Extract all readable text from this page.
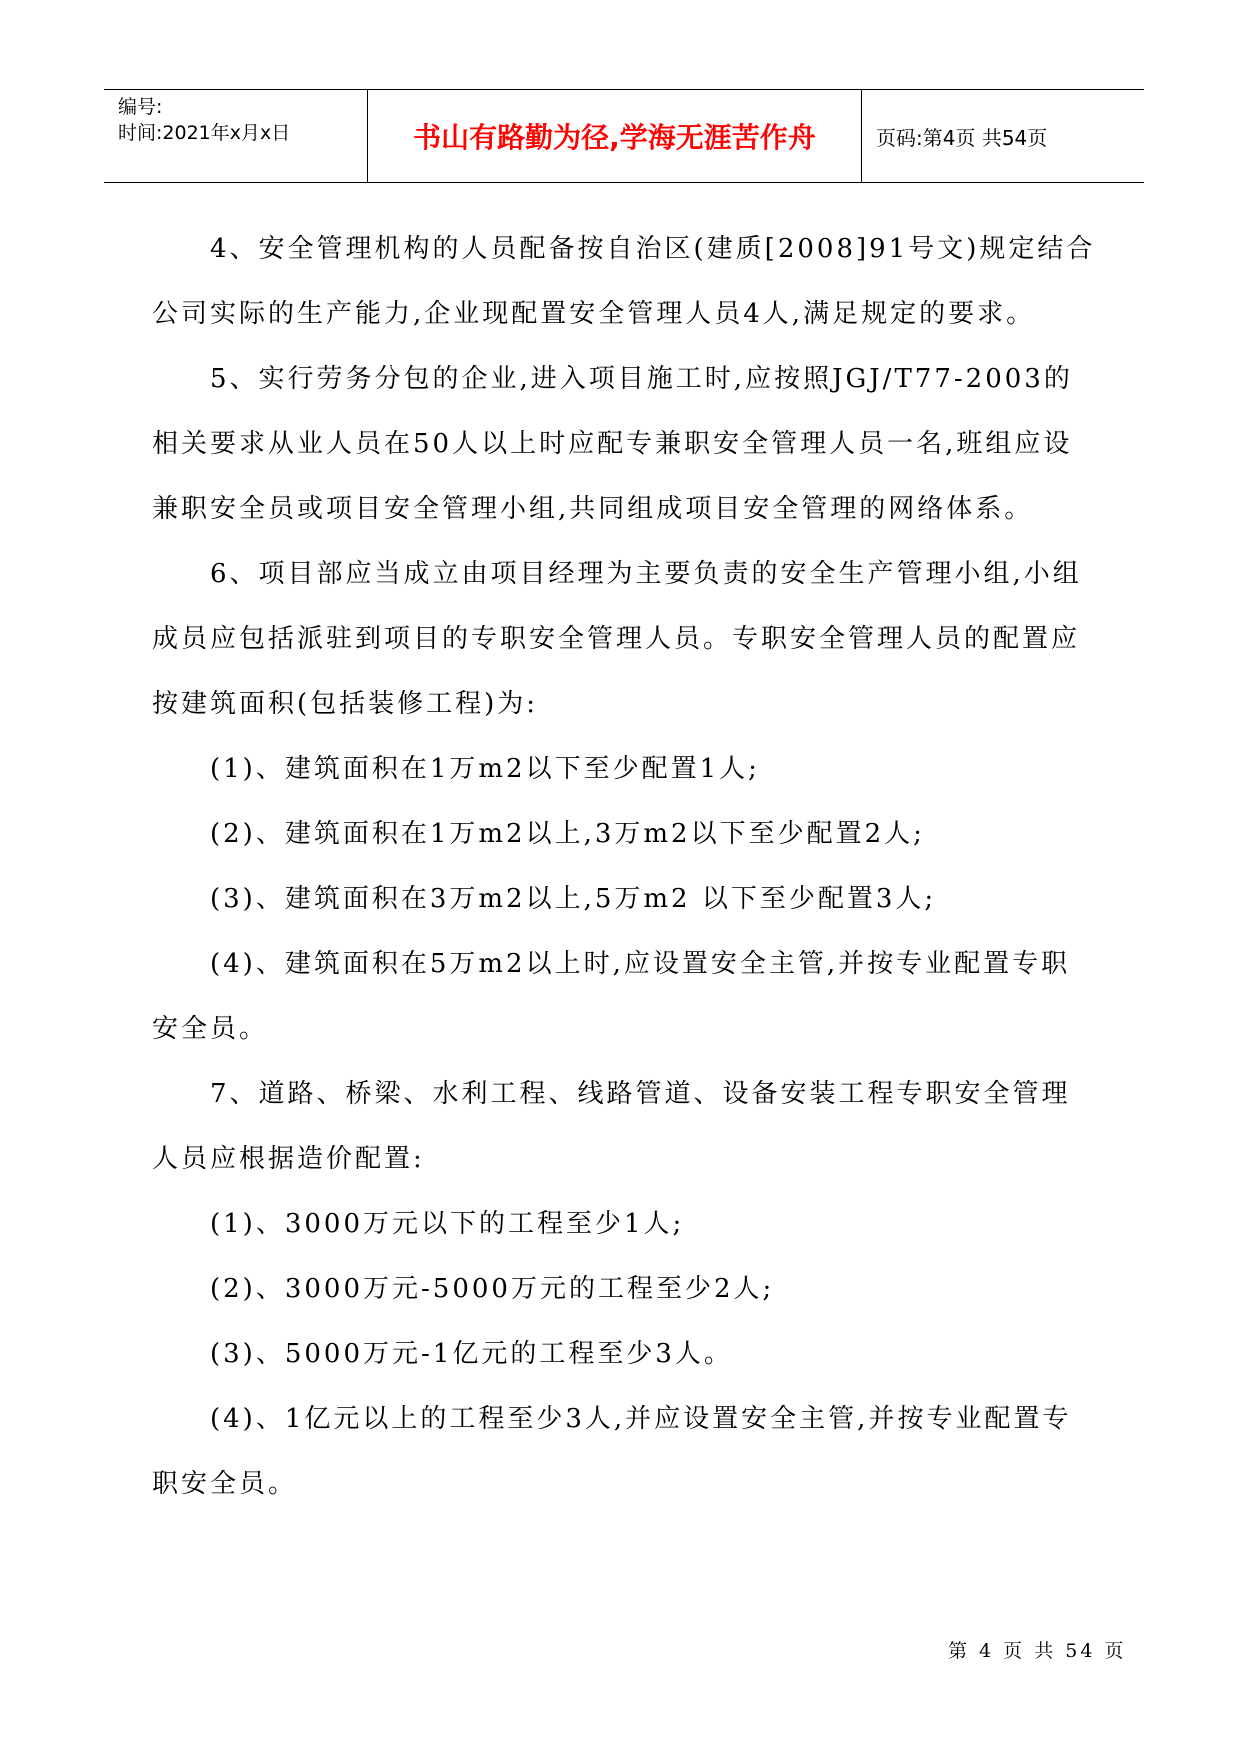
编号:
时间:2021年x月x日	书山有路勤为径,学海无涯苦作舟	页码:第4页 共54页

4、安全管理机构的人员配备按自治区(建质[2008]91号文)规定结合公司实际的生产能力,企业现配置安全管理人员4人,满足规定的要求。

5、实行劳务分包的企业,进入项目施工时,应按照JGJ/T77-2003的相关要求从业人员在50人以上时应配专兼职安全管理人员一名,班组应设兼职安全员或项目安全管理小组,共同组成项目安全管理的网络体系。

6、项目部应当成立由项目经理为主要负责的安全生产管理小组,小组成员应包括派驻到项目的专职安全管理人员。专职安全管理人员的配置应按建筑面积(包括装修工程)为:

(1)、建筑面积在1万m2以下至少配置1人;

(2)、建筑面积在1万m2以上,3万m2以下至少配置2人;

(3)、建筑面积在3万m2以上,5万m2 以下至少配置3人;

(4)、建筑面积在5万m2以上时,应设置安全主管,并按专业配置专职安全员。

7、道路、桥梁、水利工程、线路管道、设备安装工程专职安全管理人员应根据造价配置:

(1)、3000万元以下的工程至少1人;

(2)、3000万元-5000万元的工程至少2人;

(3)、5000万元-1亿元的工程至少3人。

(4)、1亿元以上的工程至少3人,并应设置安全主管,并按专业配置专职安全员。

第 4 页 共 54 页
